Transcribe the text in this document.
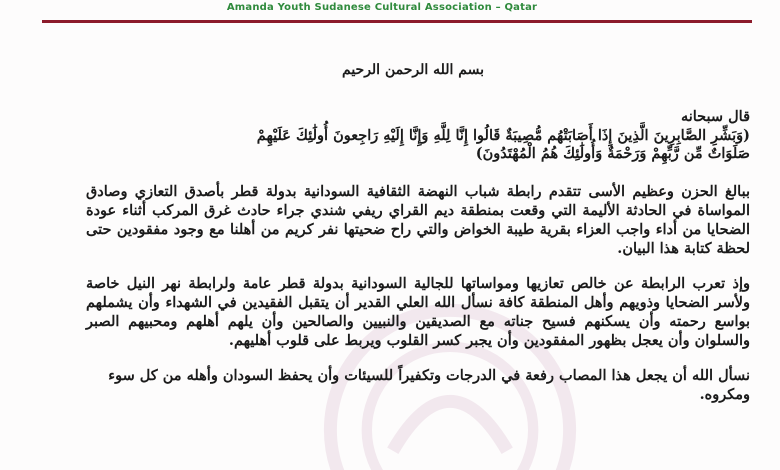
Amanda Youth Sudanese Cultural Association – Qatar
بسم الله الرحمن الرحيم
قال سبحانه
(وَبَشِّرِ الصَّابِرِينَ الَّذِينَ إِذَا أَصَابَتْهُم مُّصِيبَةٌ قَالُوا إِنَّا لِلَّهِ وَإِنَّا إِلَيْهِ رَاجِعونَ أُولَٰئِكَ عَلَيْهِمْ
صَلَوَاتٌ مِّن رَّبِّهِمْ وَرَحْمَةٌ وَأُولَٰئِكَ هُمُ الْمُهْتَدُونَ)
ببالغ الحزن وعظيم الأسى تتقدم رابطة شباب النهضة الثقافية السودانية بدولة قطر بأصدق التعازي وصادق المواساة في الحادثة الأليمة التي وقعت بمنطقة ديم القراي ريفي شندي جراء حادث غرق المركب أثناء عودة الضحايا من أداء واجب العزاء بقرية طيبة الخواض والتي راح ضحيتها نفر كريم من أهلنا مع وجود مفقودين حتى لحظة كتابة هذا البيان.
وإذ تعرب الرابطة عن خالص تعازيها ومواساتها للجالية السودانية بدولة قطر عامة ولرابطة نهر النيل خاصة ولأسر الضحايا وذويهم وأهل المنطقة كافة نسأل الله العلي القدير أن يتقبل الفقيدين في الشهداء وأن يشملهم بواسع رحمته وأن يسكنهم فسيح جناته مع الصديقين والنبيين والصالحين وأن يلهم أهلهم ومحبيهم الصبر والسلوان وأن يعجل بظهور المفقودين وأن يجبر كسر القلوب ويربط على قلوب أهليهم.
نسأل الله أن يجعل هذا المصاب رفعة في الدرجات وتكفيراً للسيئات وأن يحفظ السودان وأهله من كل سوء ومكروه.
